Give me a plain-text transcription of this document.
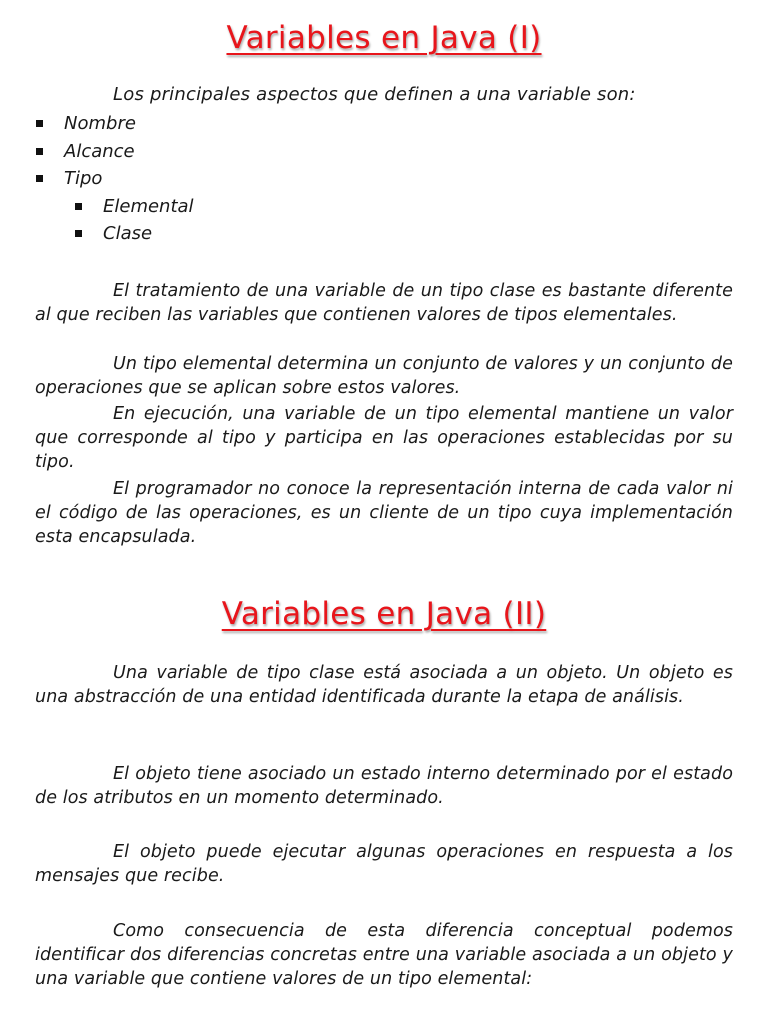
Variables en Java (I)
Los principales aspectos que definen a una variable son:
Nombre
Alcance
Tipo
Elemental
Clase

El tratamiento de una variable de un tipo clase es bastante diferente al que reciben las variables que contienen valores de tipos elementales.

Un tipo elemental determina un conjunto de valores y un conjunto de operaciones que se aplican sobre estos valores.

En ejecución, una variable de un tipo elemental mantiene un valor que corresponde al tipo y participa en las operaciones establecidas por su tipo.

El programador no conoce la representación interna de cada valor ni el código de las operaciones, es un cliente de un tipo cuya implementación esta encapsulada.

Variables en Java (II)

Una variable de tipo clase está asociada a un objeto. Un objeto es una abstracción de una entidad identificada durante la etapa de análisis.

El objeto tiene asociado un estado interno determinado por el estado de los atributos en un momento determinado.

El objeto puede ejecutar algunas operaciones en respuesta a los mensajes que recibe.

Como consecuencia de esta diferencia conceptual podemos identificar dos diferencias concretas entre una variable asociada a un objeto y una variable que contiene valores de un tipo elemental:
